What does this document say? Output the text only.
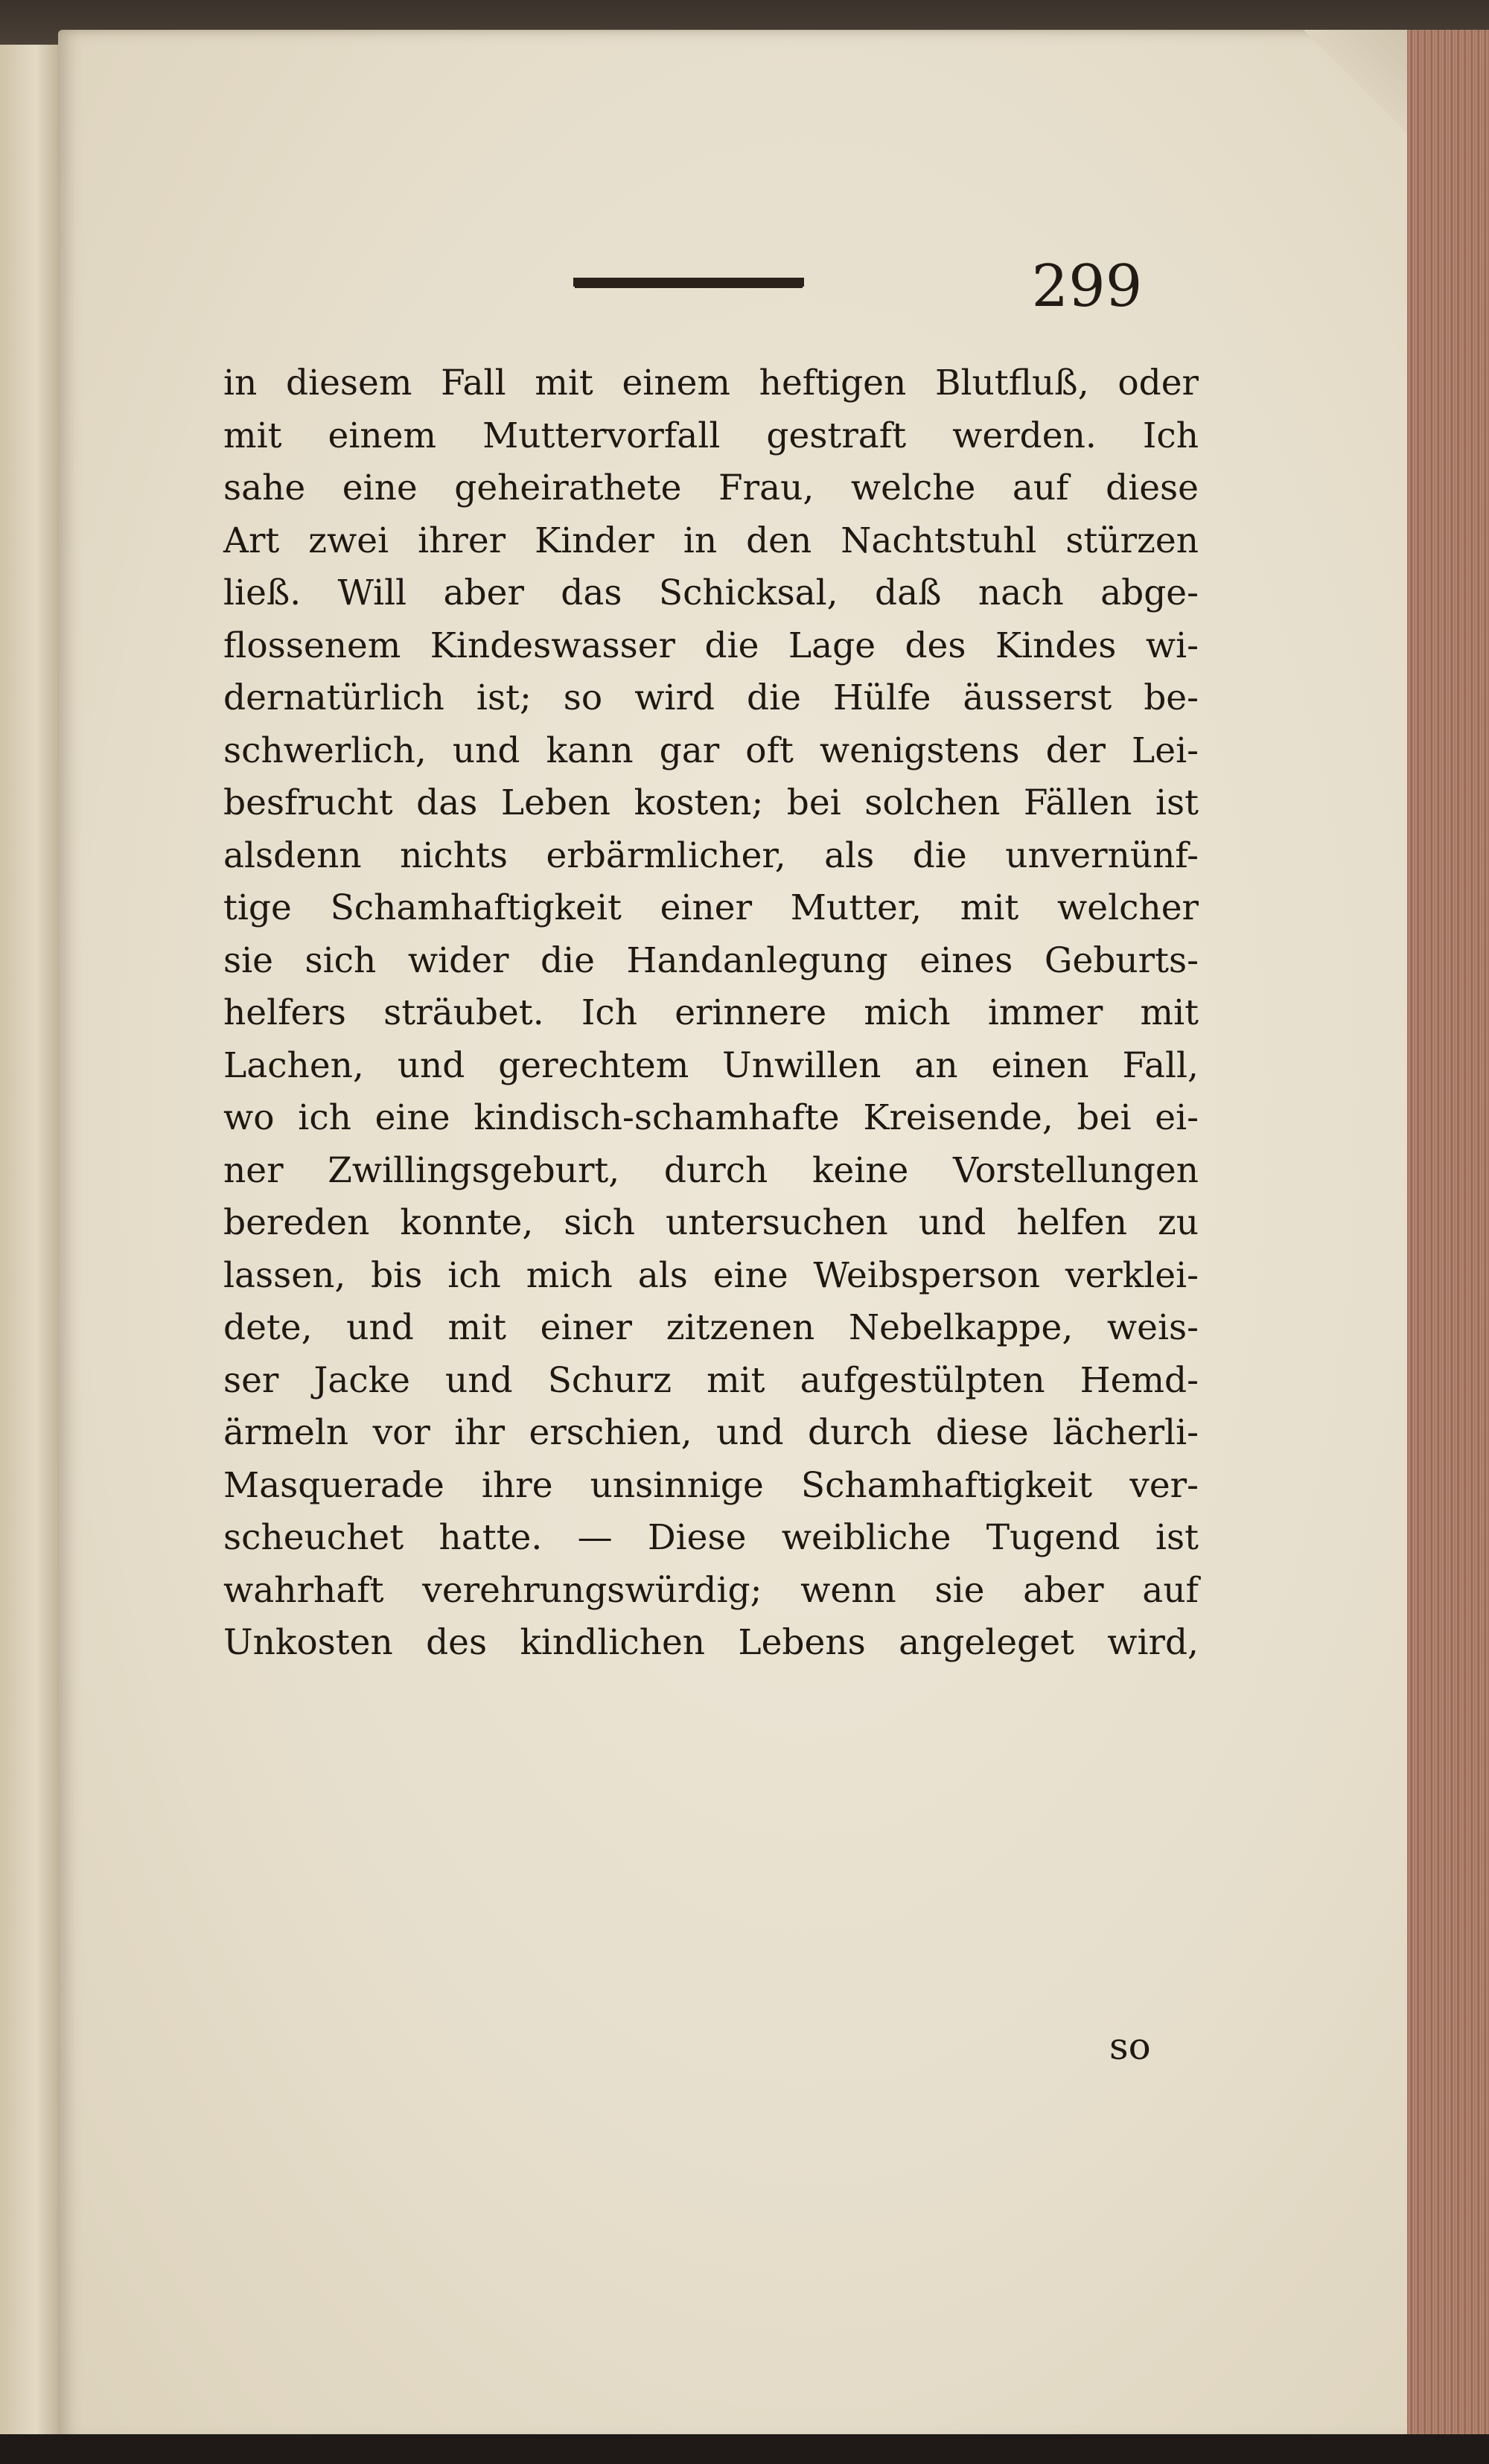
299
in diesem Fall mit einem heftigen Blutfluß, oder
mit einem Muttervorfall gestraft werden. Ich
sahe eine geheirathete Frau, welche auf diese
Art zwei ihrer Kinder in den Nachtstuhl stürzen
ließ. Will aber das Schicksal, daß nach abge-
flossenem Kindeswasser die Lage des Kindes wi-
dernatürlich ist; so wird die Hülfe äusserst be-
schwerlich, und kann gar oft wenigstens der Lei-
besfrucht das Leben kosten; bei solchen Fällen ist
alsdenn nichts erbärmlicher, als die unvernünf-
tige Schamhaftigkeit einer Mutter, mit welcher
sie sich wider die Handanlegung eines Geburts-
helfers sträubet. Ich erinnere mich immer mit
Lachen, und gerechtem Unwillen an einen Fall,
wo ich eine kindisch-schamhafte Kreisende, bei ei-
ner Zwillingsgeburt, durch keine Vorstellungen
bereden konnte, sich untersuchen und helfen zu
lassen, bis ich mich als eine Weibsperson verklei-
dete, und mit einer zitzenen Nebelkappe, weis-
ser Jacke und Schurz mit aufgestülpten Hemd-
ärmeln vor ihr erschien, und durch diese lächerli-
Masquerade ihre unsinnige Schamhaftigkeit ver-
scheuchet hatte. — Diese weibliche Tugend ist
wahrhaft verehrungswürdig; wenn sie aber auf
Unkosten des kindlichen Lebens angeleget wird,
so
